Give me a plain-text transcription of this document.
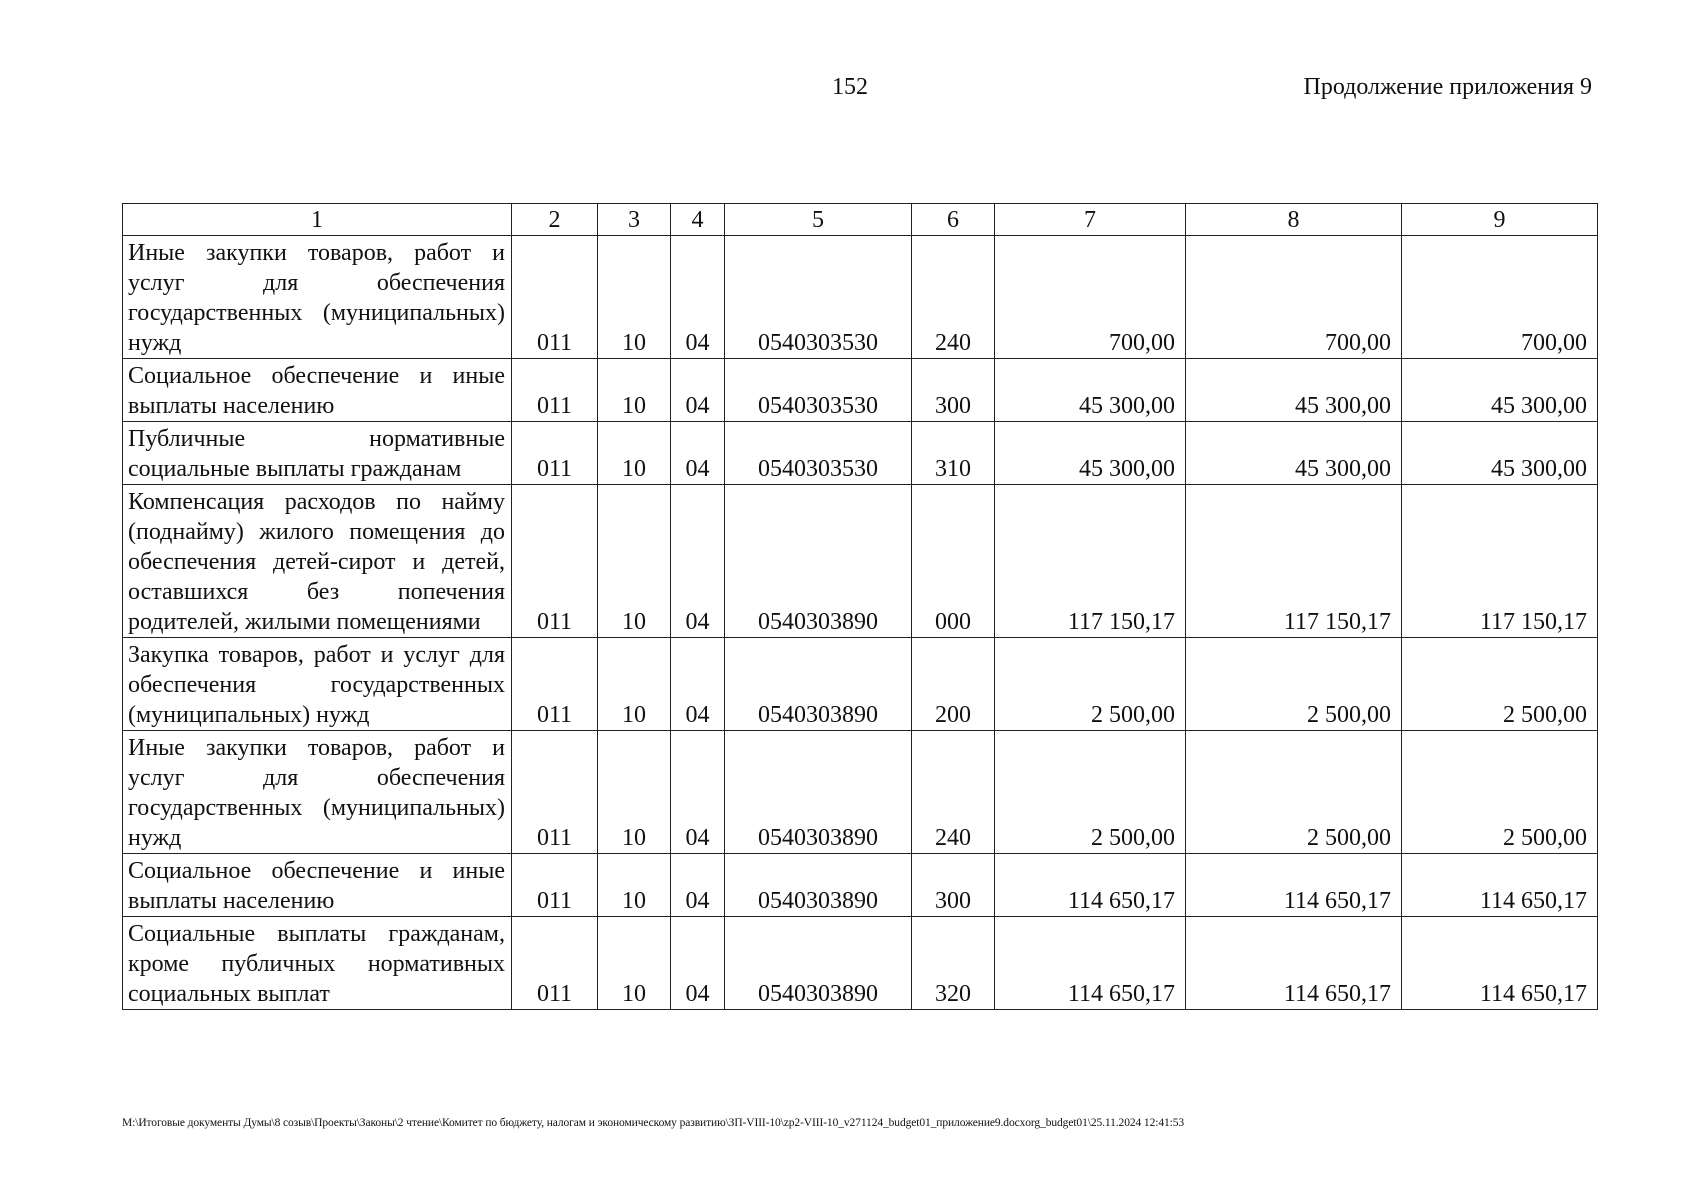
152	Продолжение приложения 9
1	2	3	4	5	6	7	8	9
Иные закупки товаров, работ и услуг для обеспечения государственных (муниципальных) нужд	011	10	04	0540303530	240	700,00	700,00	700,00
Социальное обеспечение и иные выплаты населению	011	10	04	0540303530	300	45 300,00	45 300,00	45 300,00
Публичные нормативные социальные выплаты гражданам	011	10	04	0540303530	310	45 300,00	45 300,00	45 300,00
Компенсация расходов по найму (поднайму) жилого помещения до обеспечения детей-сирот и детей, оставшихся без попечения родителей, жилыми помещениями	011	10	04	0540303890	000	117 150,17	117 150,17	117 150,17
Закупка товаров, работ и услуг для обеспечения государственных (муниципальных) нужд	011	10	04	0540303890	200	2 500,00	2 500,00	2 500,00
Иные закупки товаров, работ и услуг для обеспечения государственных (муниципальных) нужд	011	10	04	0540303890	240	2 500,00	2 500,00	2 500,00
Социальное обеспечение и иные выплаты населению	011	10	04	0540303890	300	114 650,17	114 650,17	114 650,17
Социальные выплаты гражданам, кроме публичных нормативных социальных выплат	011	10	04	0540303890	320	114 650,17	114 650,17	114 650,17
М:\Итоговые документы Думы\8 созыв\Проекты\Законы\2 чтение\Комитет по бюджету, налогам и экономическому развитию\ЗП-VIII-10\zp2-VIII-10_v271124_budget01_приложение9.docxorg_budget01\25.11.2024 12:41:53
